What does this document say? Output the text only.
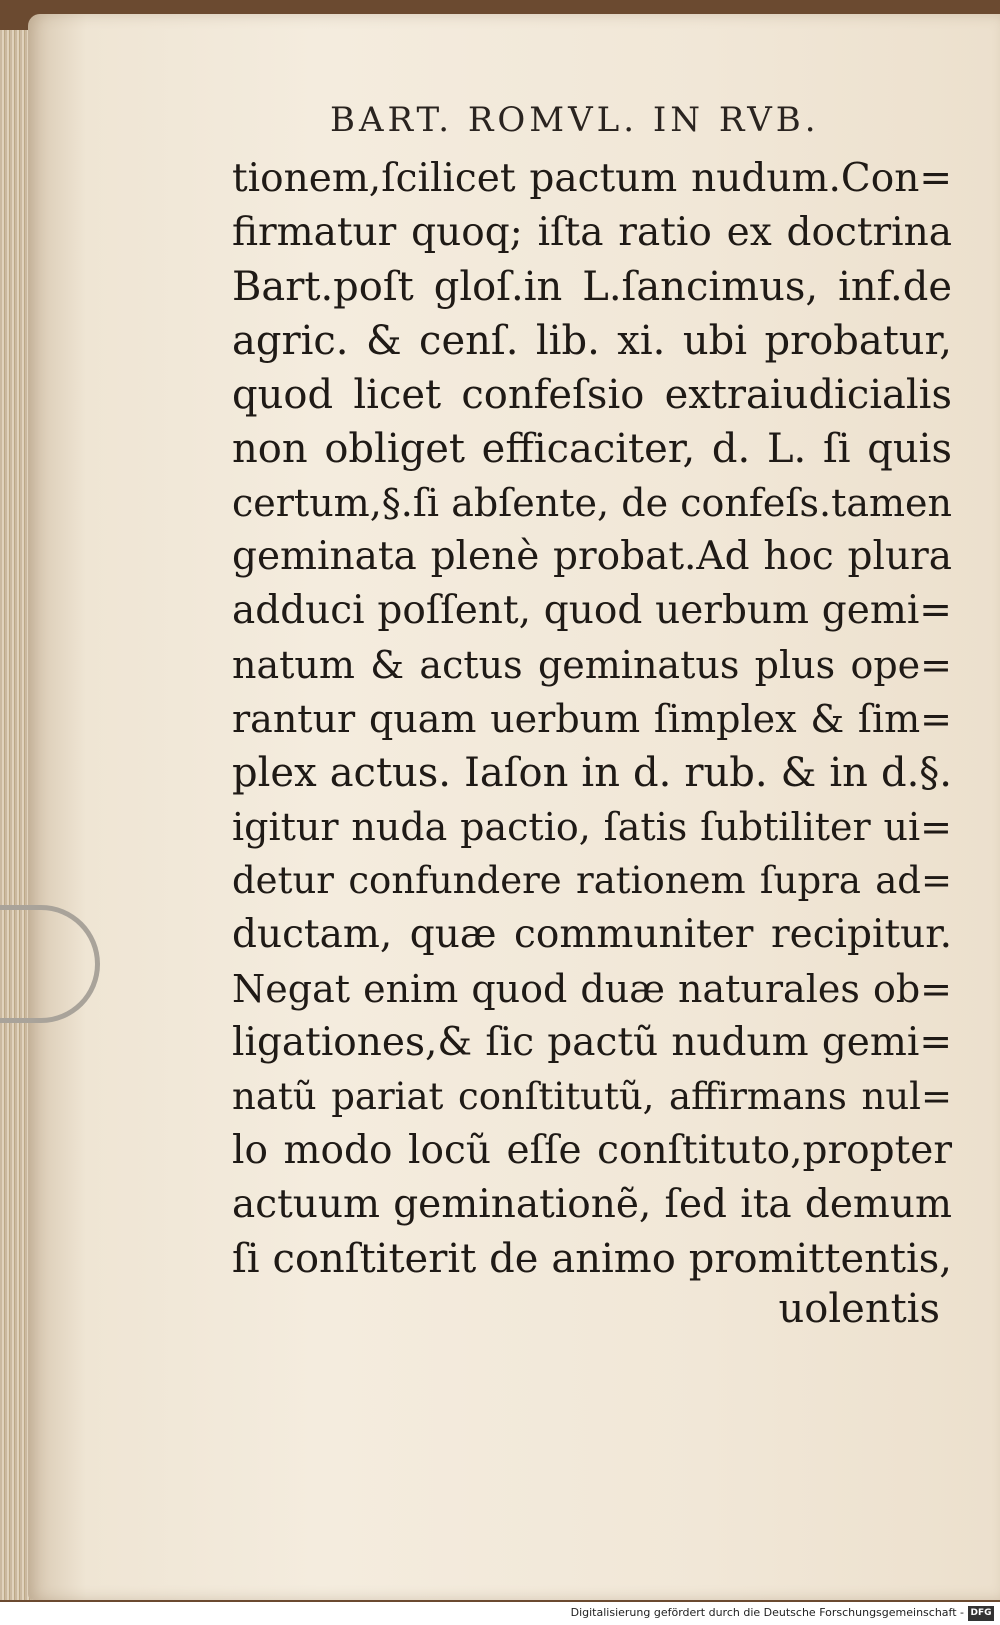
BART. ROMVL. IN RVB.
tionem,ſcilicet pactum nudum.Con=
firmatur quoq; iſta ratio ex doctrina
Bart.poſt gloſ.in L.ſancimus, inf.de
agric. & cenſ. lib. xi. ubi probatur,
quod licet confeſsio extraiudicialis
non obliget efficaciter, d. L. ſi quis
certum,§.ſi abſente, de confeſs.tamen
geminata plenè probat.Ad hoc plura
adduci poſſent, quod uerbum gemi=
natum & actus geminatus plus ope=
rantur quam uerbum ſimplex & ſim=
plex actus. Iaſon in d. rub. & in d.§.
igitur nuda pactio, ſatis ſubtiliter ui=
detur confundere rationem ſupra ad=
ductam, quæ communiter recipitur.
Negat enim quod duæ naturales ob=
ligationes,& ſic pactũ nudum gemi=
natũ pariat conſtitutũ, affirmans nul=
lo modo locũ eſſe conſtituto,propter
actuum geminationẽ, ſed ita demum
ſi conſtiterit de animo promittentis,
uolentis
Digitalisierung gefördert durch die Deutsche Forschungsgemeinschaft - DFG
